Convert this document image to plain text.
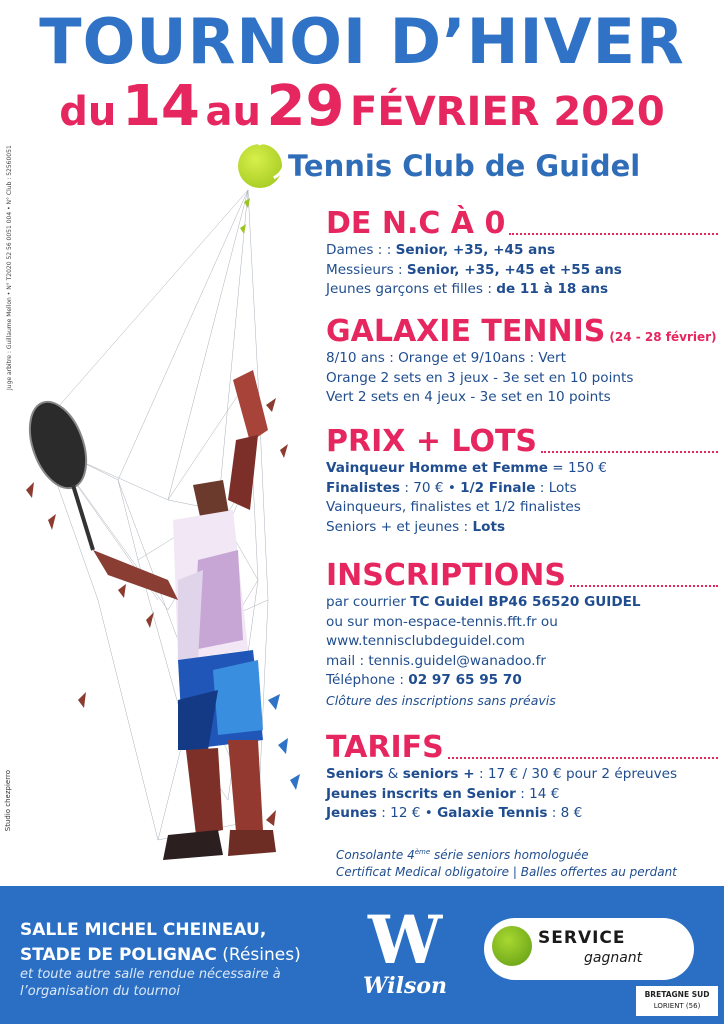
TOURNOI D’HIVER
du 14 au 29 FÉVRIER 2020
Tennis Club de Guidel
Juge arbitre : Guillaume Mellon • N° T2020 52 56 0051 004 • N° Club : 52560051
Studio chezpierro
DE N.C À 0
Dames : : Senior, +35, +45 ans
Messieurs : Senior, +35, +45 et +55 ans
Jeunes garçons et filles : de 11 à 18 ans
GALAXIE TENNIS (24 - 28 février)
8/10 ans : Orange et 9/10ans : Vert
Orange 2 sets en 3 jeux - 3e set en 10 points
Vert 2 sets en 4 jeux - 3e set en 10 points
PRIX + LOTS
Vainqueur Homme et Femme = 150 €
Finalistes : 70 € • 1/2 Finale : Lots
Vainqueurs, finalistes et 1/2 finalistes
Seniors + et jeunes : Lots
INSCRIPTIONS
par courrier TC Guidel BP46 56520 GUIDEL
ou sur mon-espace-tennis.fft.fr ou
www.tennisclubdeguidel.com
mail : tennis.guidel@wanadoo.fr
Téléphone : 02 97 65 95 70
Clôture des inscriptions sans préavis
TARIFS
Seniors & seniors + : 17 € / 30 € pour 2 épreuves
Jeunes inscrits en Senior : 14 €
Jeunes : 12 € • Galaxie Tennis : 8 €
Consolante 4ème série seniors homologuée
Certificat Medical obligatoire | Balles offertes au perdant
SALLE MICHEL CHEINEAU,
STADE DE POLIGNAC (Résines)
et toute autre salle rendue nécessaire à
l’organisation du tournoi
W
Wilson
SERVICE
gagnant
BRETAGNE SUD
LORIENT (56)
